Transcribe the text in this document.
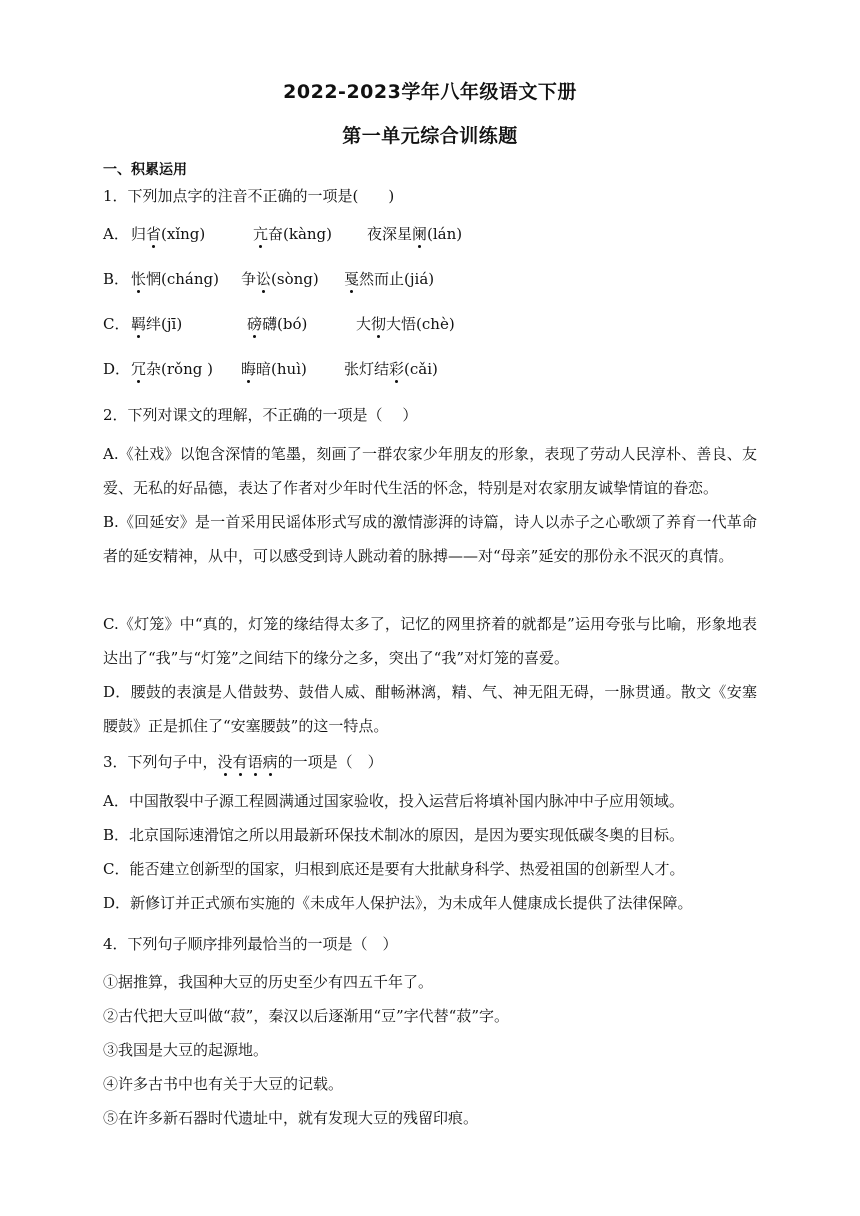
2022-2023学年八年级语文下册
第一单元综合训练题
一、积累运用
1．下列加点字的注音不正确的一项是(　　)
A． 归省(xǐng)	亢奋(kàng) 夜深星阑(lán)
B． 怅惘(cháng) 争讼(sòng) 戛然而止(jiá)
C． 羁绊(jī)	磅礴(bó)	大彻大悟(chè)
D． 冗杂(rǒng ) 晦暗(huì) 张灯结彩(cǎi)
2．下列对课文的理解，不正确的一项是（　 ）
A.《社戏》以饱含深情的笔墨，刻画了一群农家少年朋友的形象，表现了劳动人民淳朴、善良、友爱、无私的好品德，表达了作者对少年时代生活的怀念，特别是对农家朋友诚挚情谊的眷恋。
B.《回延安》是一首采用民谣体形式写成的激情澎湃的诗篇，诗人以赤子之心歌颂了养育一代革命者的延安精神，从中，可以感受到诗人跳动着的脉搏——对“母亲”延安的那份永不泯灭的真情。
C.《灯笼》中“真的，灯笼的缘结得太多了，记忆的网里挤着的就都是”运用夸张与比喻，形象地表达出了“我”与“灯笼”之间结下的缘分之多，突出了“我”对灯笼的喜爱。
D．腰鼓的表演是人借鼓势、鼓借人威、酣畅淋漓，精、气、神无阻无碍，一脉贯通。散文《安塞腰鼓》正是抓住了“安塞腰鼓”的这一特点。
3．下列句子中，没有语病的一项是（　）
A．中国散裂中子源工程圆满通过国家验收，投入运营后将填补国内脉冲中子应用领域。
B．北京国际速滑馆之所以用最新环保技术制冰的原因，是因为要实现低碳冬奥的目标。
C．能否建立创新型的国家，归根到底还是要有大批献身科学、热爱祖国的创新型人才。
D．新修订并正式颁布实施的《未成年人保护法》，为未成年人健康成长提供了法律保障。
4．下列句子顺序排列最恰当的一项是（　）
①据推算，我国种大豆的历史至少有四五千年了。
②古代把大豆叫做“菽”，秦汉以后逐渐用“豆”字代替“菽”字。
③我国是大豆的起源地。
④许多古书中也有关于大豆的记载。
⑤在许多新石器时代遗址中，就有发现大豆的残留印痕。
